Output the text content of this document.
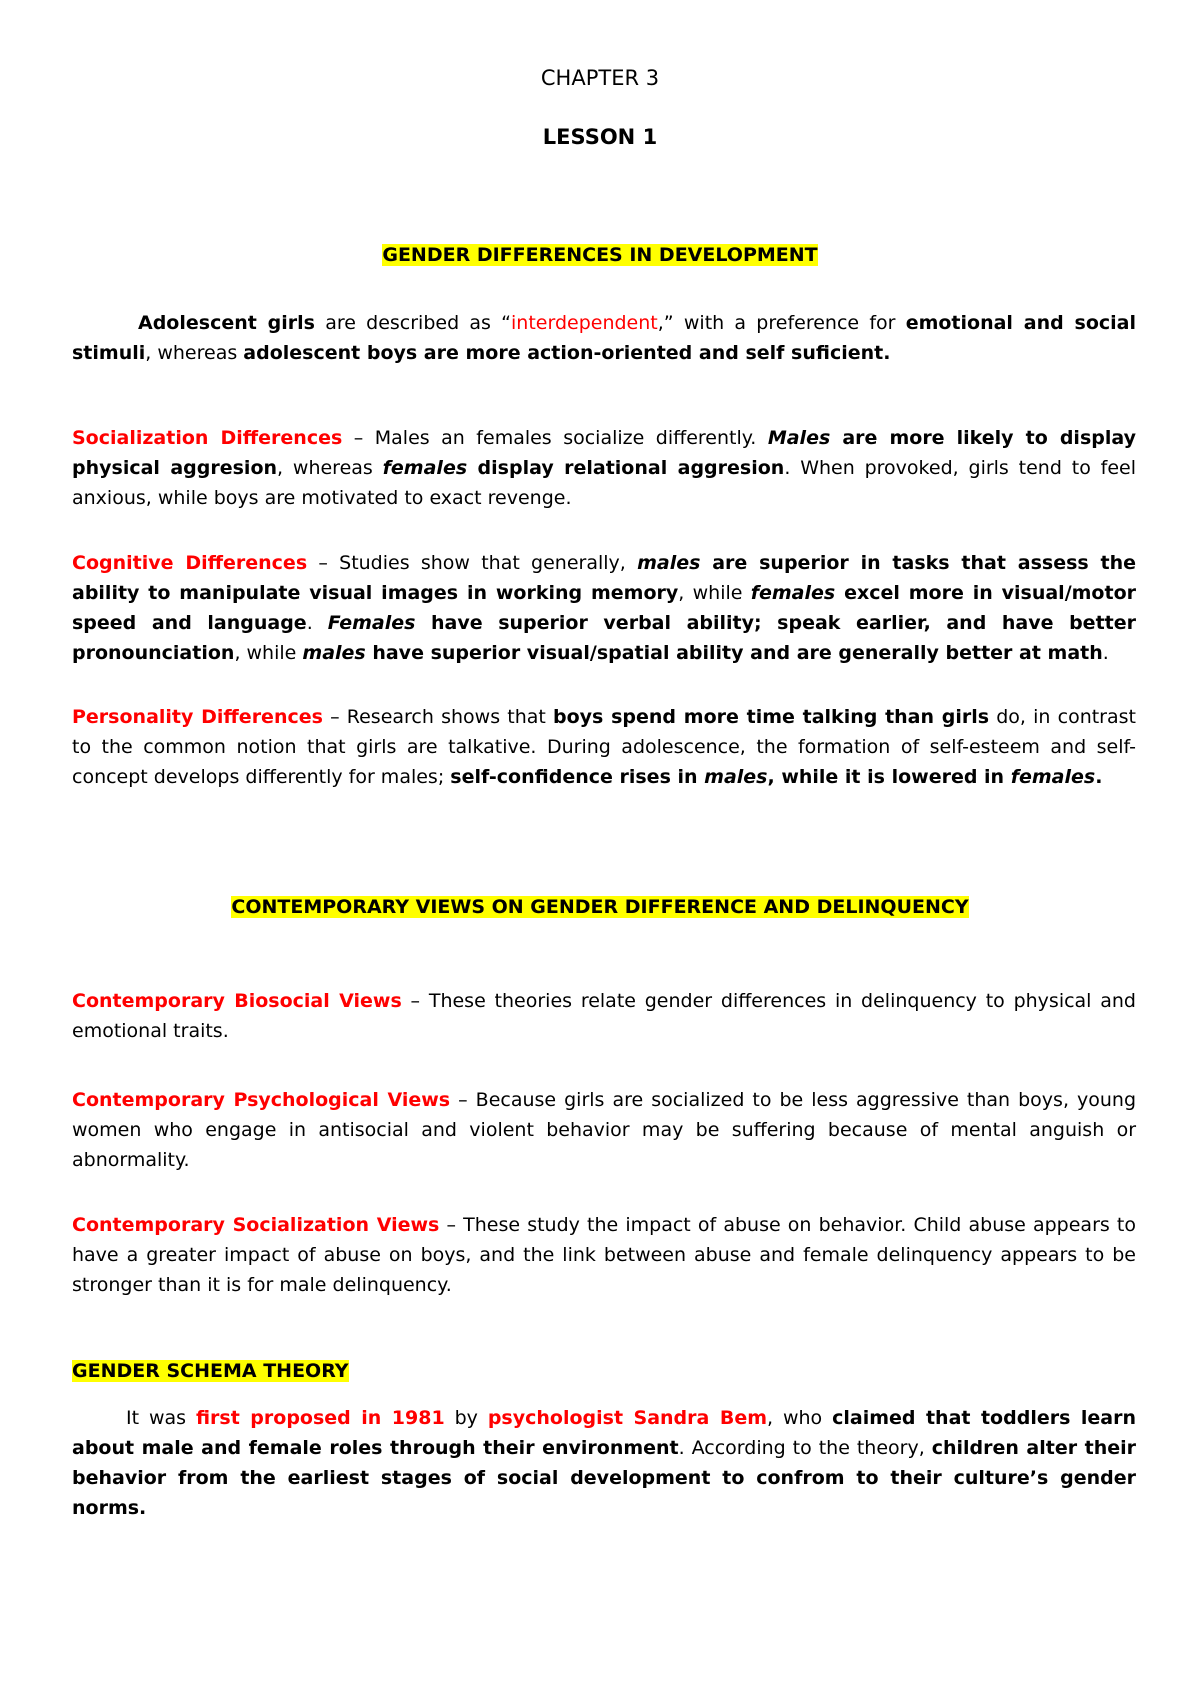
CHAPTER 3
LESSON 1
GENDER DIFFERENCES IN DEVELOPMENT
Adolescent girls are described as “interdependent,” with a preference for emotional and social stimuli, whereas adolescent boys are more action-oriented and self suficient.
Socialization Differences – Males an females socialize differently. Males are more likely to display physical aggresion, whereas females display relational aggresion. When provoked, girls tend to feel anxious, while boys are motivated to exact revenge.
Cognitive Differences – Studies show that generally, males are superior in tasks that assess the ability to manipulate visual images in working memory, while females excel more in visual/motor speed and language. Females have superior verbal ability; speak earlier, and have better pronounciation, while males have superior visual/spatial ability and are generally better at math.
Personality Differences – Research shows that boys spend more time talking than girls do, in contrast to the common notion that girls are talkative. During adolescence, the formation of self-esteem and self-concept develops differently for males; self-confidence rises in males, while it is lowered in females.
CONTEMPORARY VIEWS ON GENDER DIFFERENCE AND DELINQUENCY
Contemporary Biosocial Views – These theories relate gender differences in delinquency to physical and emotional traits.
Contemporary Psychological Views – Because girls are socialized to be less aggressive than boys, young women who engage in antisocial and violent behavior may be suffering because of mental anguish or abnormality.
Contemporary Socialization Views – These study the impact of abuse on behavior. Child abuse appears to have a greater impact of abuse on boys, and the link between abuse and female delinquency appears to be stronger than it is for male delinquency.
GENDER SCHEMA THEORY
It was first proposed in 1981 by psychologist Sandra Bem, who claimed that toddlers learn about male and female roles through their environment. According to the theory, children alter their behavior from the earliest stages of social development to confrom to their culture’s gender norms.
